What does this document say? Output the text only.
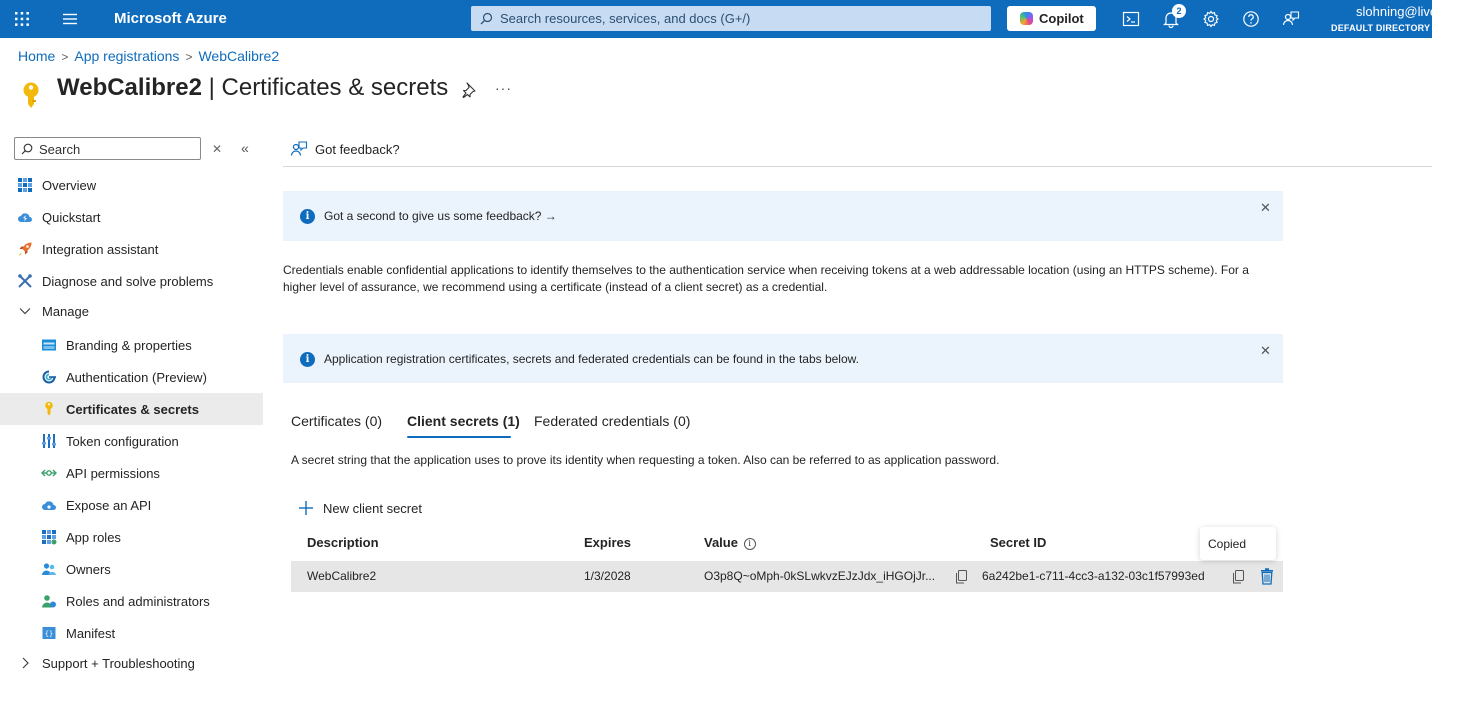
Microsoft Azure	Search resources, services, and docs (G+/)	Copilot	2	slohning@live.com
DEFAULT DIRECTORY (SLOH
Home > App registrations > WebCalibre2
WebCalibre2 | Certificates & secrets	···
Search	✕ «
Overview
Quickstart
Integration assistant
Diagnose and solve problems
Manage
Branding & properties
Authentication (Preview)
Certificates & secrets
Token configuration
API permissions
Expose an API
App roles
Owners
Roles and administrators
{} Manifest
Support + Troubleshooting
Got feedback?
i	Got a second to give us some feedback? →
✕
Credentials enable confidential applications to identify themselves to the authentication service when receiving tokens at a web addressable location (using an HTTPS scheme). For a higher level of assurance, we recommend using a certificate (instead of a client secret) as a credential.
i	Application registration certificates, secrets and federated credentials can be found in the tabs below.
✕
Certificates (0) Client secrets (1) Federated credentials (0)
A secret string that the application uses to prove its identity when requesting a token. Also can be referred to as application password.
New client secret
Description	Expires	Value i	Secret ID
WebCalibre2	1/3/2028	O3p8Q~oMph-0kSLwkvzEJzJdx_iHGOjJr...	6a242be1-c711-4cc3-a132-03c1f57993ed
Copied
